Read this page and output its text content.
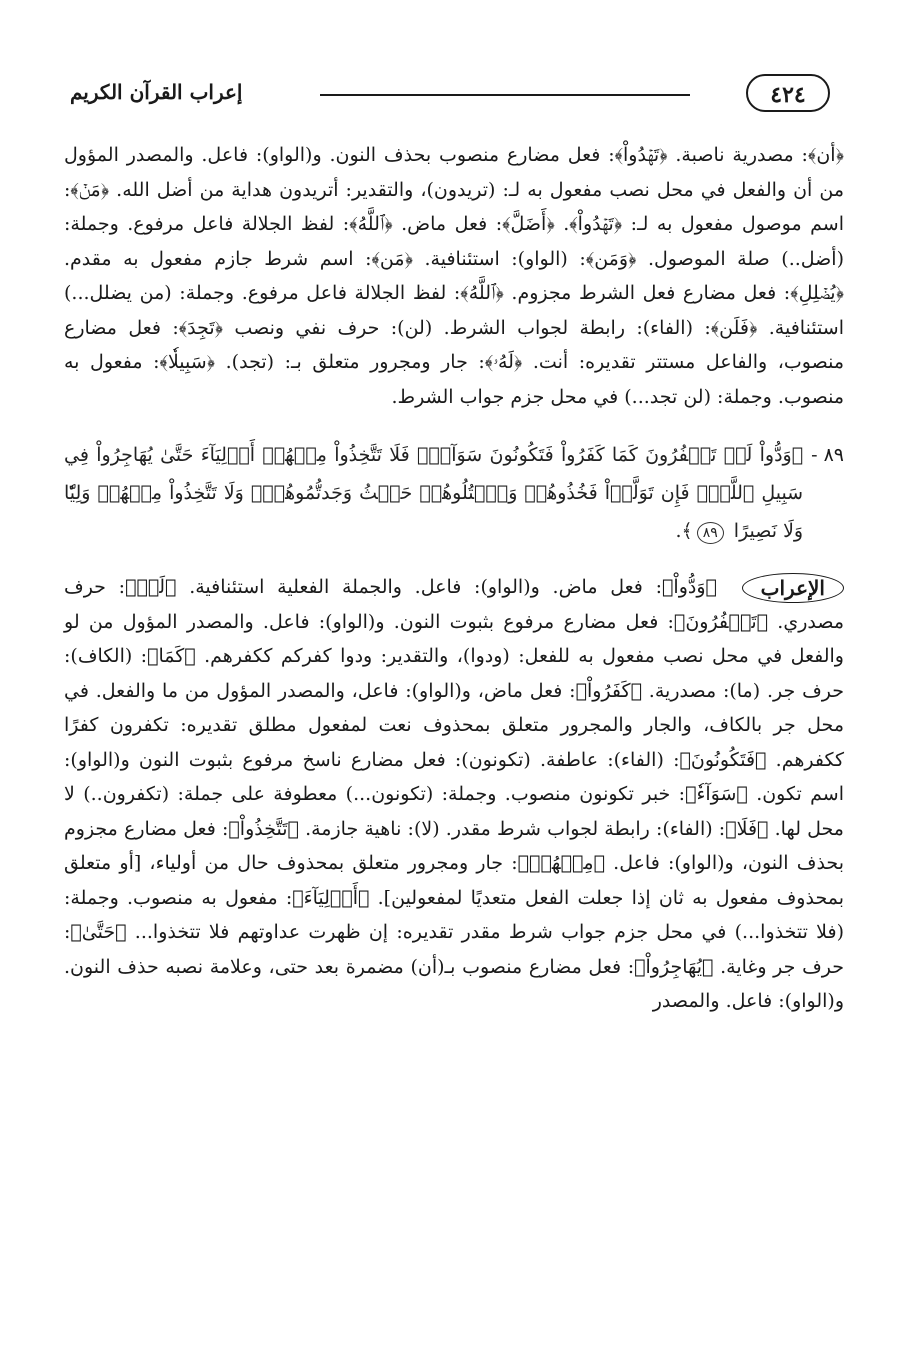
٤٢٤
إعراب القرآن الكريم

﴿أن﴾: مصدرية ناصبة. ﴿تَهۡدُواْ﴾: فعل مضارع منصوب بحذف النون. و(الواو): فاعل. والمصدر المؤول من أن والفعل في محل نصب مفعول به لـ: (تريدون)، والتقدير: أتريدون هداية من أضل الله. ﴿مَنۡ﴾: اسم موصول مفعول به لـ: ﴿تَهۡدُواْ﴾. ﴿أَضَلَّ﴾: فعل ماض. ﴿ٱللَّهُ﴾: لفظ الجلالة فاعل مرفوع. وجملة: (أضل..) صلة الموصول. ﴿وَمَن﴾: (الواو): استئنافية. ﴿مَن﴾: اسم شرط جازم مفعول به مقدم. ﴿يُضۡلِلِ﴾: فعل مضارع فعل الشرط مجزوم. ﴿ٱللَّهُ﴾: لفظ الجلالة فاعل مرفوع. وجملة: (من يضلل...) استئنافية. ﴿فَلَن﴾: (الفاء): رابطة لجواب الشرط. (لن): حرف نفي ونصب ﴿تَجِدَ﴾: فعل مضارع منصوب، والفاعل مستتر تقديره: أنت. ﴿لَهُۥ﴾: جار ومجرور متعلق بـ: (تجد). ﴿سَبِيلٗا﴾: مفعول به منصوب. وجملة: (لن تجد...) في محل جزم جواب الشرط.

٨٩ -
﴿وَدُّواْ لَوۡ تَكۡفُرُونَ كَمَا كَفَرُواْ فَتَكُونُونَ سَوَآءٗۖ فَلَا تَتَّخِذُواْ مِنۡهُمۡ أَوۡلِيَآءَ حَتَّىٰ يُهَاجِرُواْ فِي سَبِيلِ ٱللَّهِۚ فَإِن تَوَلَّوۡاْ فَخُذُوهُمۡ وَٱقۡتُلُوهُمۡ حَيۡثُ وَجَدتُّمُوهُمۡۖ وَلَا تَتَّخِذُواْ مِنۡهُمۡ وَلِيّٗا وَلَا نَصِيرًا ٨٩﴾.

الإعراب ﴿وَدُّواْ﴾: فعل ماض. و(الواو): فاعل. والجملة الفعلية استئنافية. ﴿لَوۡ﴾: حرف مصدري. ﴿تَكۡفُرُونَ﴾: فعل مضارع مرفوع بثبوت النون. و(الواو): فاعل. والمصدر المؤول من لو والفعل في محل نصب مفعول به للفعل: (ودوا)، والتقدير: ودوا كفركم ككفرهم. ﴿كَمَا﴾: (الكاف): حرف جر. (ما): مصدرية. ﴿كَفَرُواْ﴾: فعل ماض، و(الواو): فاعل، والمصدر المؤول من ما والفعل. في محل جر بالكاف، والجار والمجرور متعلق بمحذوف نعت لمفعول مطلق تقديره: تكفرون كفرًا ككفرهم. ﴿فَتَكُونُونَ﴾: (الفاء): عاطفة. (تكونون): فعل مضارع ناسخ مرفوع بثبوت النون و(الواو): اسم تكون. ﴿سَوَآءٗ﴾: خبر تكونون منصوب. وجملة: (تكونون...) معطوفة على جملة: (تكفرون..) لا محل لها. ﴿فَلَا﴾: (الفاء): رابطة لجواب شرط مقدر. (لا): ناهية جازمة. ﴿تَتَّخِذُواْ﴾: فعل مضارع مجزوم بحذف النون، و(الواو): فاعل. ﴿مِنۡهُمۡ﴾: جار ومجرور متعلق بمحذوف حال من أولياء، [أو متعلق بمحذوف مفعول به ثان إذا جعلت الفعل متعديًا لمفعولين]. ﴿أَوۡلِيَآءَ﴾: مفعول به منصوب. وجملة: (فلا تتخذوا...) في محل جزم جواب شرط مقدر تقديره: إن ظهرت عداوتهم فلا تتخذوا... ﴿حَتَّىٰ﴾: حرف جر وغاية. ﴿يُهَاجِرُواْ﴾: فعل مضارع منصوب بـ(أن) مضمرة بعد حتى، وعلامة نصبه حذف النون. و(الواو): فاعل. والمصدر
